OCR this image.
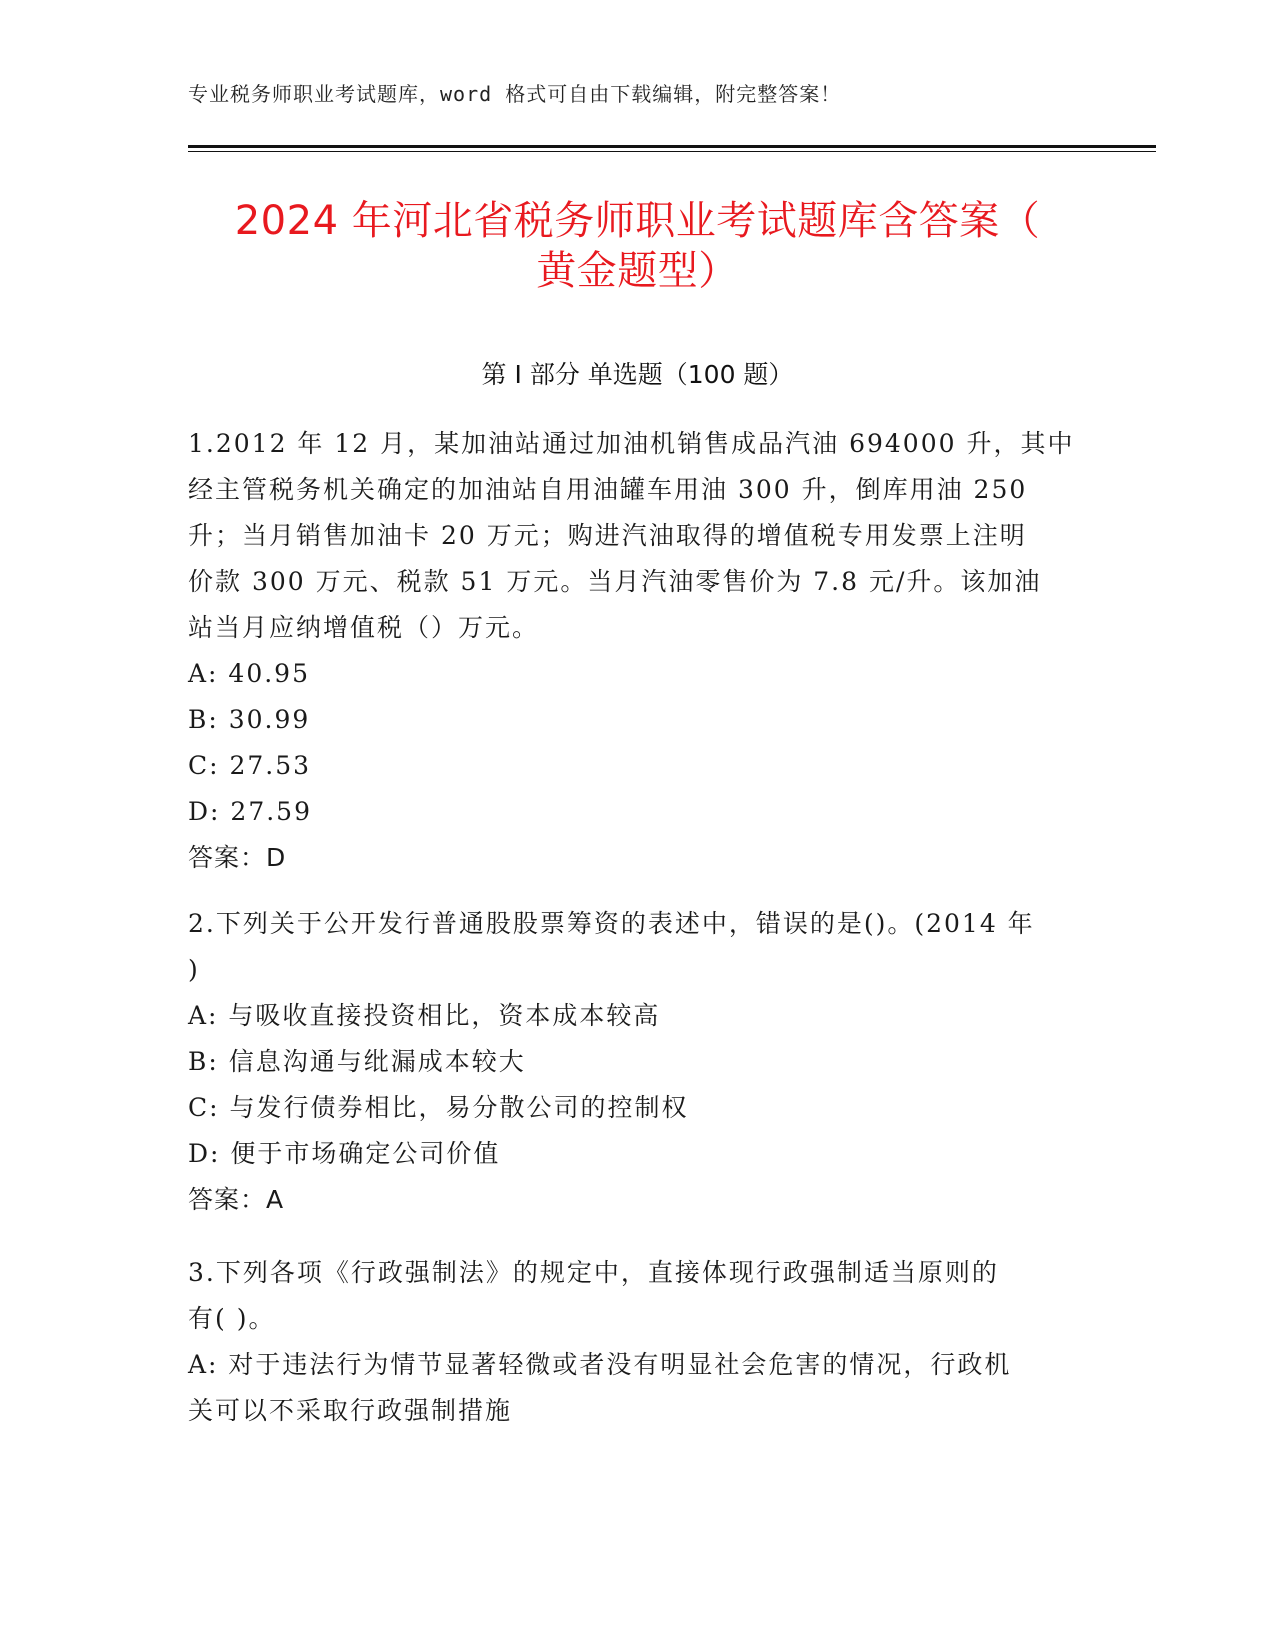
专业税务师职业考试题库，word 格式可自由下载编辑，附完整答案！
2024 年河北省税务师职业考试题库含答案（
黄金题型）
第 I 部分 单选题（100 题）
1.2012 年 12 月，某加油站通过加油机销售成品汽油 694000 升，其中
经主管税务机关确定的加油站自用油罐车用油 300 升，倒库用油 250
升；当月销售加油卡 20 万元；购进汽油取得的增值税专用发票上注明
价款 300 万元、税款 51 万元。当月汽油零售价为 7.8 元/升。该加油
站当月应纳增值税（）万元。
A: 40.95
B: 30.99
C: 27.53
D: 27.59
答案：D
2.下列关于公开发行普通股股票筹资的表述中，错误的是()。(2014 年
)
A: 与吸收直接投资相比，资本成本较高
B: 信息沟通与纰漏成本较大
C: 与发行债券相比，易分散公司的控制权
D: 便于市场确定公司价值
答案：A
3.下列各项《行政强制法》的规定中，直接体现行政强制适当原则的
有( )。
A: 对于违法行为情节显著轻微或者没有明显社会危害的情况，行政机
关可以不采取行政强制措施
